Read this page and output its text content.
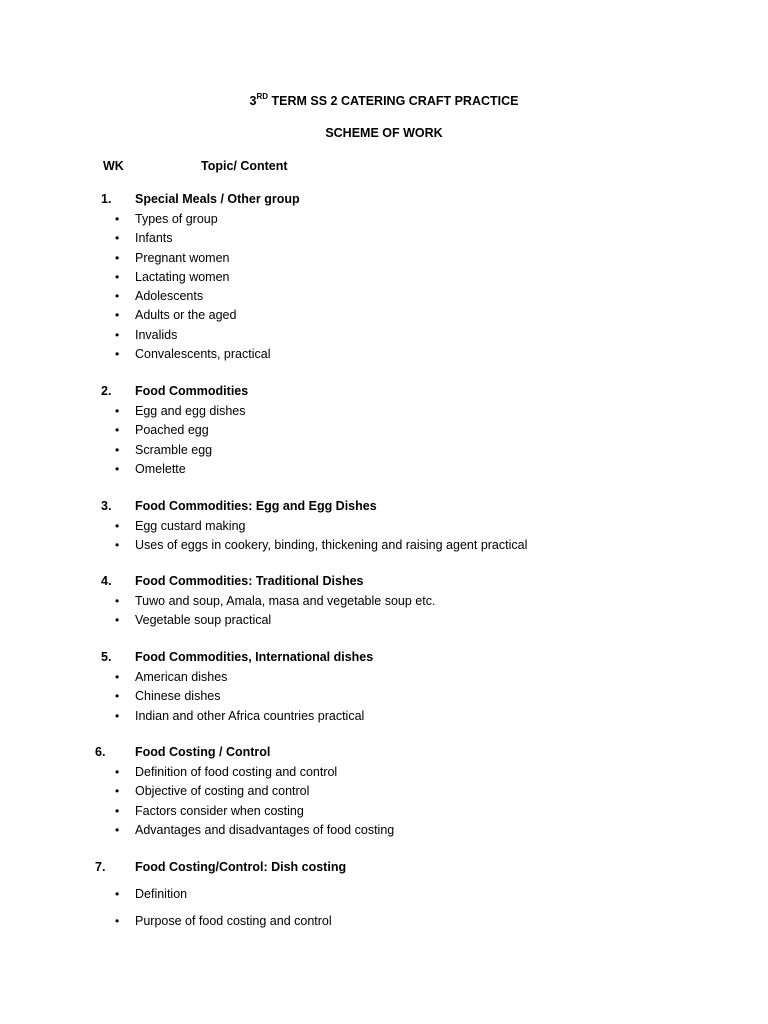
3RD TERM SS 2 CATERING CRAFT PRACTICE
SCHEME OF WORK
WK	Topic/ Content
1. Special Meals / Other group
• Types of group
• Infants
• Pregnant women
• Lactating women
• Adolescents
• Adults or the aged
• Invalids
• Convalescents, practical
2. Food Commodities
• Egg and egg dishes
• Poached egg
• Scramble egg
• Omelette
3. Food Commodities: Egg and Egg Dishes
• Egg custard making
• Uses of eggs in cookery, binding, thickening and raising agent practical
4. Food Commodities: Traditional Dishes
• Tuwo and soup, Amala, masa and vegetable soup etc.
• Vegetable soup practical
5. Food Commodities, International dishes
• American dishes
• Chinese dishes
• Indian and other Africa countries practical
6. Food Costing / Control
• Definition of food costing and control
• Objective of costing and control
• Factors consider when costing
• Advantages and disadvantages of food costing
7. Food Costing/Control: Dish costing
• Definition
• Purpose of food costing and control
